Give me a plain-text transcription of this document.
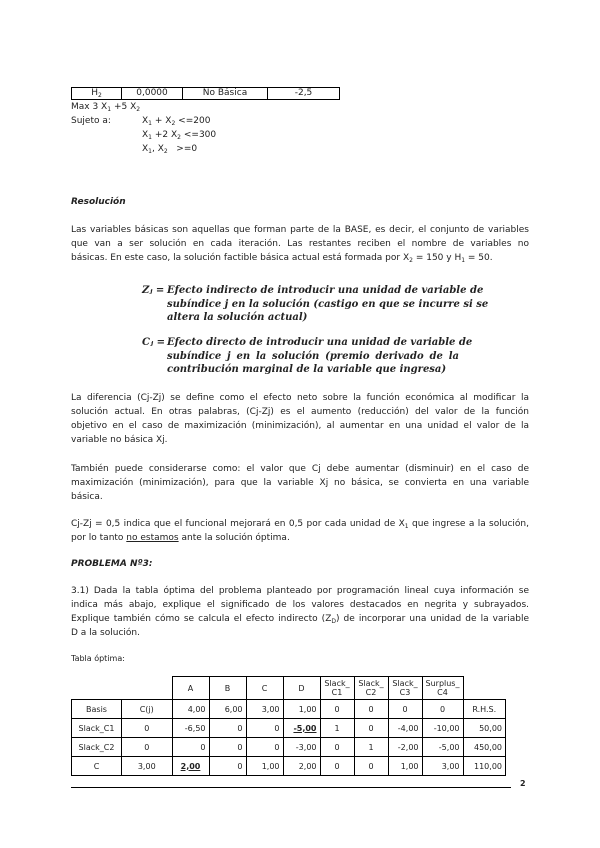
$H_2$	0,0000	No Básica	-2,5
Max 3 $X_1 +5$ $X_2$
Sujeto a:	$X_1 + X_2 <=200$
$X_1 +2$ $X_2 <=300$
$X_1$, $X_2 >=0$
Resolución
Las variables básicas son aquellas que forman parte de la BASE, es decir, el conjunto de variables
que van a ser solución en cada iteración. Las restantes reciben el nombre de variables no
básicas. En este caso, la solución factible básica actual está formada por $X_2 = 150$ y $H_1 = 50$.
Zⱼ = Efecto indirecto de introducir una unidad de variable de
subíndice j en la solución (castigo en que se incurre si se
altera la solución actual)
Cⱼ = Efecto directo de introducir una unidad de variable de
subíndice j en la solución (premio derivado de la
contribución marginal de la variable que ingresa)
La diferencia (Cj-Zj) se define como el efecto neto sobre la función económica al modificar la
solución actual. En otras palabras, (Cj-Zj) es el aumento (reducción) del valor de la función
objetivo en el caso de maximización (minimización), al aumentar en una unidad el valor de la
variable no básica Xj.
También puede considerarse como: el valor que Cj debe aumentar (disminuir) en el caso de
maximización (minimización), para que la variable Xj no básica, se convierta en una variable
básica.
Cj-Zj = 0,5 indica que el funcional mejorará en 0,5 por cada unidad de $X_1$ que ingrese a la solución,
por lo tanto no estamos ante la solución óptima.
PROBLEMA Nº3:
3.1) Dada la tabla óptima del problema planteado por programación lineal cuya información se
indica más abajo, explique el significado de los valores destacados en negrita y subrayados.
Explique también cómo se calcula el efecto indirecto $(Z_D)$ de incorporar una unidad de la variable
D a la solución.
Tabla óptima:
		A	B	C	D	Slack_ C1	Slack_ C2	Slack_ C3	Surplus_ C4	
Basis	C(j)	4,00	6,00	3,00	1,00	0	0	0	0	R.H.S.
Slack_C1	0	-6,50	0	0	-5,00	1	0	-4,00	-10,00	50,00
Slack_C2	0	0	0	0	-3,00	0	1	-2,00	-5,00	450,00
C	3,00	2,00	0	1,00	2,00	0	0	1,00	3,00	110,00
2
